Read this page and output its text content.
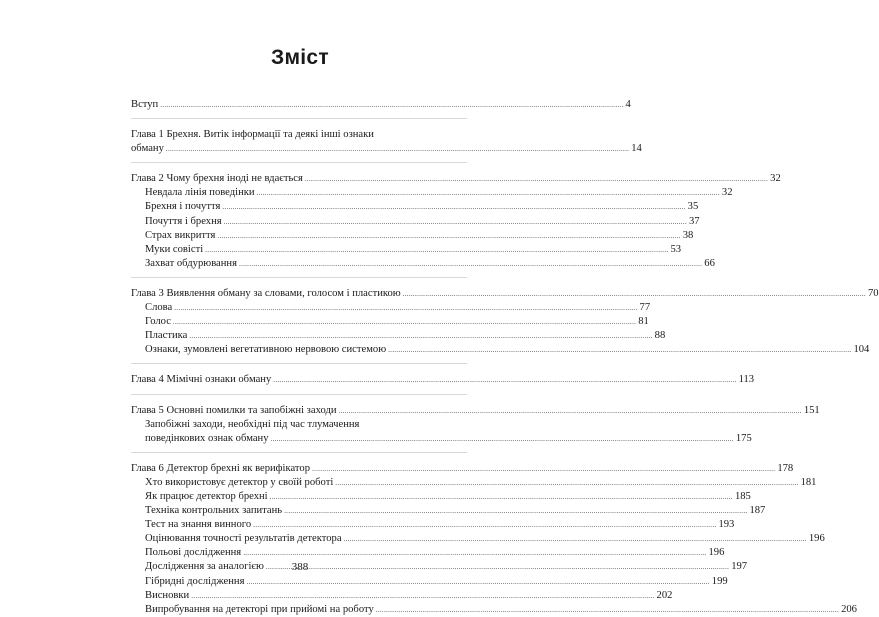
Зміст
Вступ .....	4
Глава 1 Брехня. Витік інформації та деякі інші ознаки
обману .....	14
Глава 2 Чому брехня іноді не вдається .....	32
Невдала лінія поведінки .....	32
Брехня і почуття .....	35
Почуття і брехня .....	37
Страх викриття .....	38
Муки совісті .....	53
Захват обдурювання .....	66
Глава 3 Виявлення обману за словами, голосом і пластикою .....	70
Слова .....	77
Голос .....	81
Пластика .....	88
Ознаки, зумовлені вегетативною нервовою системою .....	104
Глава 4 Мімічні ознаки обману .....	113
Глава 5 Основні помилки та запобіжні заходи .....	151
Запобіжні заходи, необхідні під час тлумачення
поведінкових ознак обману .....	175
Глава 6 Детектор брехні як верифікатор .....	178
Хто використовує детектор у своїй роботі .....	181
Як працює детектор брехні .....	185
Техніка контрольних запитань .....	187
Тест на знання винного .....	193
Оцінювання точності результатів детектора .....	196
Польові дослідження .....	196
Дослідження за аналогією .....	197
Гібридні дослідження .....	199
Висновки .....	202
Випробування на детекторі при прийомі на роботу .....	206
388
